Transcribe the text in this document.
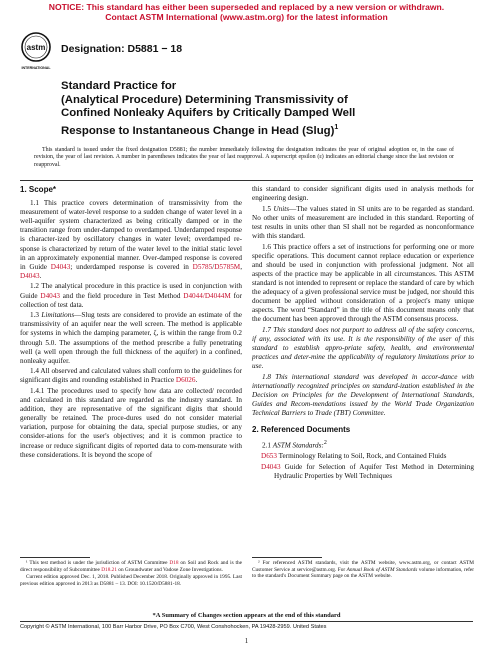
NOTICE: This standard has either been superseded and replaced by a new version or withdrawn.
Contact ASTM International (www.astm.org) for the latest information
astm
INTERNATIONAL
Designation: D5881 − 18
Standard Practice for
(Analytical Procedure) Determining Transmissivity of
Confined Nonleaky Aquifers by Critically Damped Well
Response to Instantaneous Change in Head (Slug)$^1$
This standard is issued under the fixed designation D5881; the number immediately following the designation indicates the year of original adoption or, in the case of revision, the year of last revision. A number in parentheses indicates the year of last reapproval. A superscript epsilon (ε) indicates an editorial change since the last revision or reapproval.
1. Scope*

1.1 This practice covers determination of transmissivity from the measurement of water-level response to a sudden change of water level in a well-aquifer system characterized as being critically damped or in the transition range from under-damped to overdamped. Underdamped response is character-ized by oscillatory changes in water level; overdamped re-sponse is characterized by return of the water level to the initial static level in an approximately exponential manner. Over-damped response is covered in Guide D4043; underdamped response is covered in D5785/D5785M, D4043.

1.2 The analytical procedure in this practice is used in conjunction with Guide D4043 and the field procedure in Test Method D4044/D4044M for collection of test data.

1.3 Limitations—Slug tests are considered to provide an estimate of the transmissivity of an aquifer near the well screen. The method is applicable for systems in which the damping parameter, ζ, is within the range from 0.2 through 5.0. The assumptions of the method prescribe a fully penetrating well (a well open through the full thickness of the aquifer) in a confined, nonleaky aquifer.

1.4 All observed and calculated values shall conform to the guidelines for significant digits and rounding established in Practice D6026.

1.4.1 The procedures used to specify how data are collected/ recorded and calculated in this standard are regarded as the industry standard. In addition, they are representative of the significant digits that should generally be retained. The proce-dures used do not consider material variation, purpose for obtaining the data, special purpose studies, or any consider-ations for the user's objectives; and it is common practice to increase or reduce significant digits of reported data to com-mensurate with these considerations. It is beyond the scope of

this standard to consider significant digits used in analysis methods for engineering design.

1.5 Units—The values stated in SI units are to be regarded as standard. No other units of measurement are included in this standard. Reporting of test results in units other than SI shall not be regarded as nonconformance with this standard.

1.6 This practice offers a set of instructions for performing one or more specific operations. This document cannot replace education or experience and should be used in conjunction with professional judgment. Not all aspects of the practice may be applicable in all circumstances. This ASTM standard is not intended to represent or replace the standard of care by which the adequacy of a given professional service must be judged, nor should this document be applied without consideration of a project's many unique aspects. The word “Standard” in the title of this document means only that the document has been approved through the ASTM consensus process.

1.7 This standard does not purport to address all of the safety concerns, if any, associated with its use. It is the responsibility of the user of this standard to establish appro-priate safety, health, and environmental practices and deter-mine the applicability of regulatory limitations prior to use.

1.8 This international standard was developed in accor-dance with internationally recognized principles on standard-ization established in the Decision on Principles for the Development of International Standards, Guides and Recom-mendations issued by the World Trade Organization Technical Barriers to Trade (TBT) Committee.

2. Referenced Documents

2.1 ASTM Standards:$^2$

D653 Terminology Relating to Soil, Rock, and Contained Fluids

D4043 Guide for Selection of Aquifer Test Method in Determining Hydraulic Properties by Well Techniques

¹ This test method is under the jurisdiction of ASTM Committee D18 on Soil and Rock and is the direct responsibility of Subcommittee D18.21 on Groundwater and Vadose Zone Investigations.

Current edition approved Dec. 1, 2018. Published December 2018. Originally approved in 1995. Last previous edition approved in 2013 as D5881 – 13. DOI: 10.1520/D5881-18.

² For referenced ASTM standards, visit the ASTM website, www.astm.org, or contact ASTM Customer Service at service@astm.org. For Annual Book of ASTM Standards volume information, refer to the standard's Document Summary page on the ASTM website.

*A Summary of Changes section appears at the end of this standard
Copyright © ASTM International, 100 Barr Harbor Drive, PO Box C700, West Conshohocken, PA 19428-2959. United States
1
